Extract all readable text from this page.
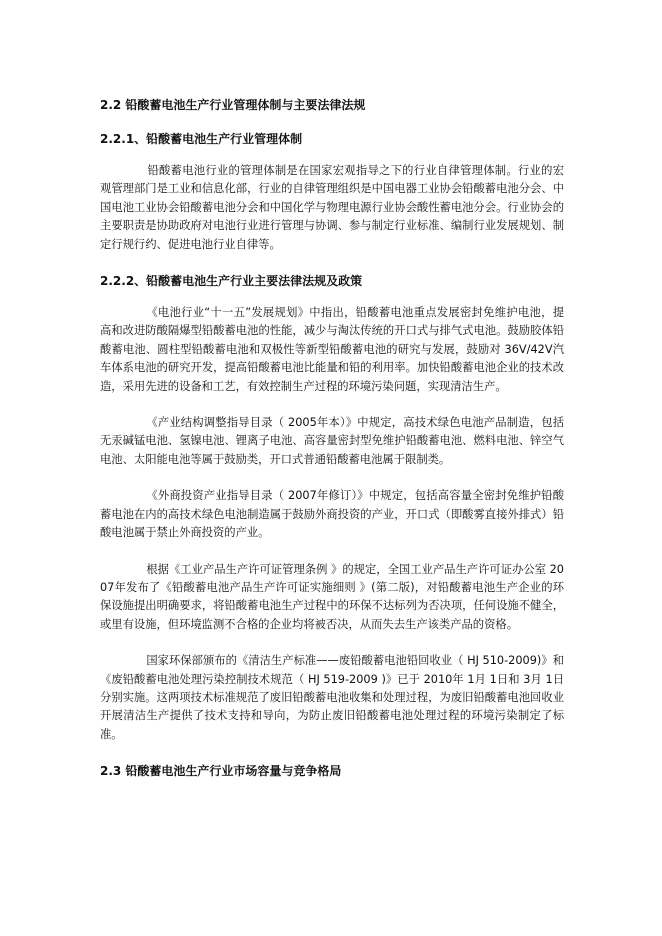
2.2 铅酸蓄电池生产行业管理体制与主要法律法规
2.2.1、铅酸蓄电池生产行业管理体制

铅酸蓄电池行业的管理体制是在国家宏观指导之下的行业自律管理体制。行业的宏观管理部门是工业和信息化部，行业的自律管理组织是中国电器工业协会铅酸蓄电池分会、中国电池工业协会铅酸蓄电池分会和中国化学与物理电源行业协会酸性蓄电池分会。行业协会的主要职责是协助政府对电池行业进行管理与协调、参与制定行业标准、编制行业发展规划、制定行规行约、促进电池行业自律等。

2.2.2、铅酸蓄电池生产行业主要法律法规及政策

《电池行业“十一五”发展规划》中指出，铅酸蓄电池重点发展密封免维护电池，提高和改进防酸隔爆型铅酸蓄电池的性能，减少与淘汰传统的开口式与排气式电池。鼓励胶体铅酸蓄电池、圆柱型铅酸蓄电池和双极性等新型铅酸蓄电池的研究与发展，鼓励对 36V/42V汽车体系电池的研究开发，提高铅酸蓄电池比能量和铅的利用率。加快铅酸蓄电池企业的技术改造，采用先进的设备和工艺，有效控制生产过程的环境污染问题，实现清洁生产。

《产业结构调整指导目录（ 2005年本）》中规定，高技术绿色电池产品制造，包括无汞碱锰电池、氢镍电池、锂离子电池、高容量密封型免维护铅酸蓄电池、燃料电池、锌空气电池、太阳能电池等属于鼓励类，开口式普通铅酸蓄电池属于限制类。

《外商投资产业指导目录（ 2007年修订）》中规定，包括高容量全密封免维护铅酸蓄电池在内的高技术绿色电池制造属于鼓励外商投资的产业，开口式（即酸雾直接外排式）铅酸电池属于禁止外商投资的产业。

根据《工业产品生产许可证管理条例 》的规定，全国工业产品生产许可证办公室 2007年发布了《铅酸蓄电池产品生产许可证实施细则 》(第二版)，对铅酸蓄电池生产企业的环保设施提出明确要求，将铅酸蓄电池生产过程中的环保不达标列为否决项，任何设施不健全，或里有设施，但环境监测不合格的企业均将被否决，从而失去生产该类产品的资格。

国家环保部颁布的《清洁生产标准——废铅酸蓄电池铅回收业（ HJ 510-2009)》和《废铅酸蓄电池处理污染控制技术规范（ HJ 519-2009 )》已于 2010年 1月 1日和 3月 1日分别实施。这两项技术标准规范了废旧铅酸蓄电池收集和处理过程，为废旧铅酸蓄电池回收业开展清洁生产提供了技术支持和导向，为防止废旧铅酸蓄电池处理过程的环境污染制定了标准。

2.3 铅酸蓄电池生产行业市场容量与竞争格局
